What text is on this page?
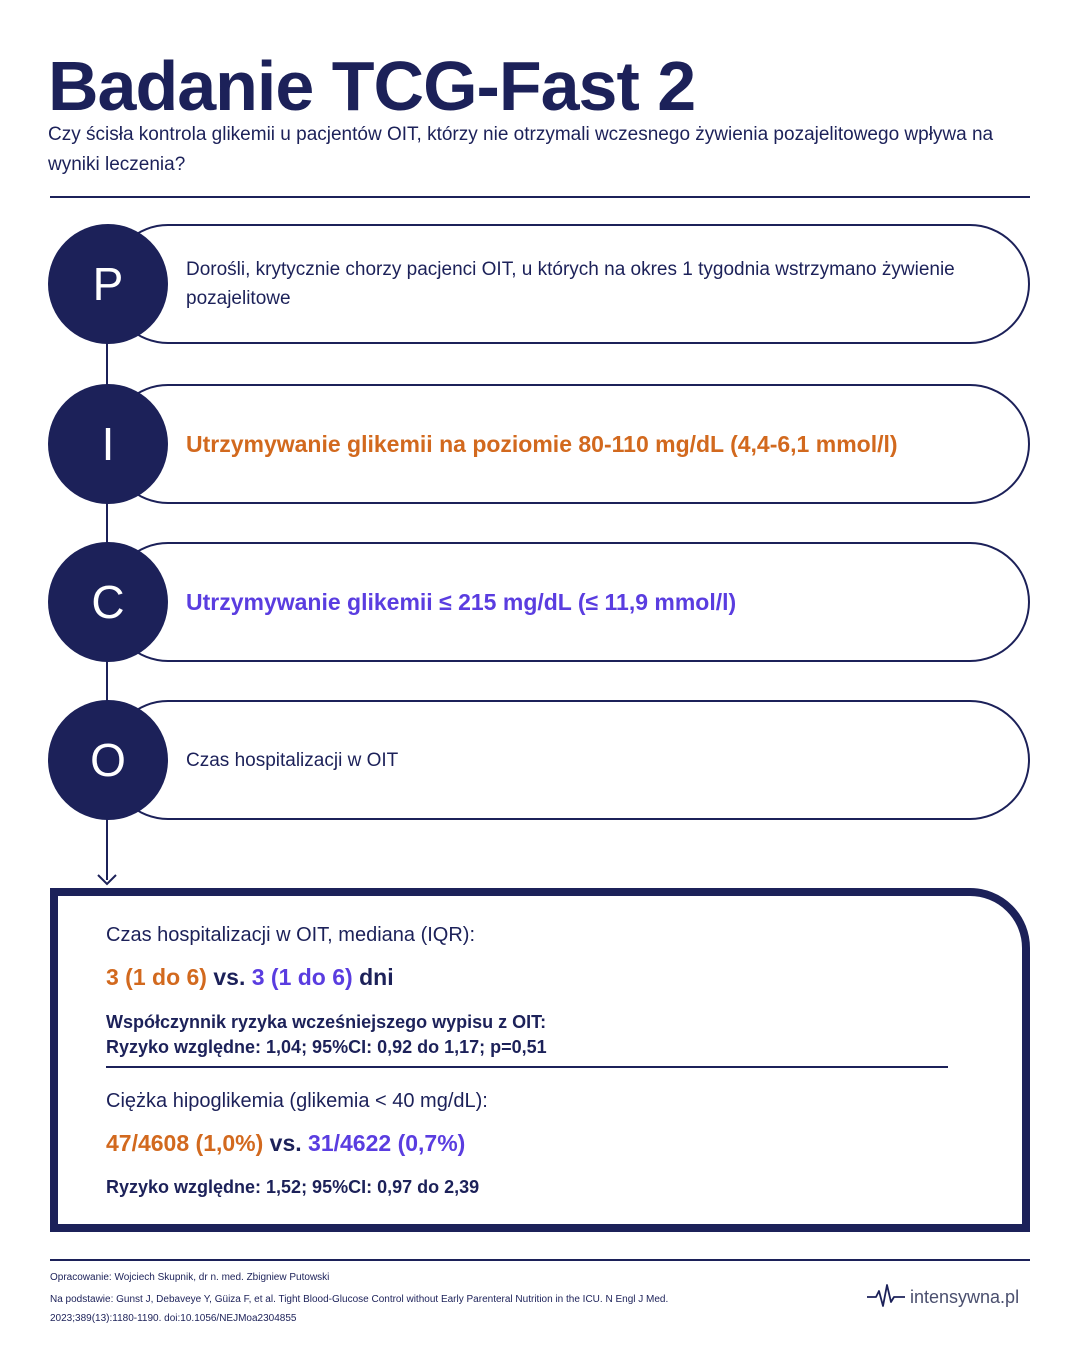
Badanie TCG-Fast 2
Czy ścisła kontrola glikemii u pacjentów OIT, którzy nie otrzymali wczesnego żywienia pozajelitowego wpływa na wyniki leczenia?
P	Dorośli, krytycznie chorzy pacjenci OIT, u których na okres 1 tygodnia wstrzymano żywienie pozajelitowe
I	Utrzymywanie glikemii na poziomie 80-110 mg/dL (4,4-6,1 mmol/l)
C	Utrzymywanie glikemii ≤ 215 mg/dL (≤ 11,9 mmol/l)
O	Czas hospitalizacji w OIT
Czas hospitalizacji w OIT, mediana (IQR):
3 (1 do 6) vs. 3 (1 do 6) dni
Współczynnik ryzyka wcześniejszego wypisu z OIT:
Ryzyko względne: 1,04; 95%CI: 0,92 do 1,17; p=0,51
Ciężka hipoglikemia (glikemia < 40 mg/dL):
47/4608 (1,0%) vs. 31/4622 (0,7%)
Ryzyko względne: 1,52; 95%CI: 0,97 do 2,39
Opracowanie: Wojciech Skupnik, dr n. med. Zbigniew Putowski
Na podstawie: Gunst J, Debaveye Y, Güiza F, et al. Tight Blood-Glucose Control without Early Parenteral Nutrition in the ICU. N Engl J Med.
2023;389(13):1180-1190. doi:10.1056/NEJMoa2304855
intensywna.pl
